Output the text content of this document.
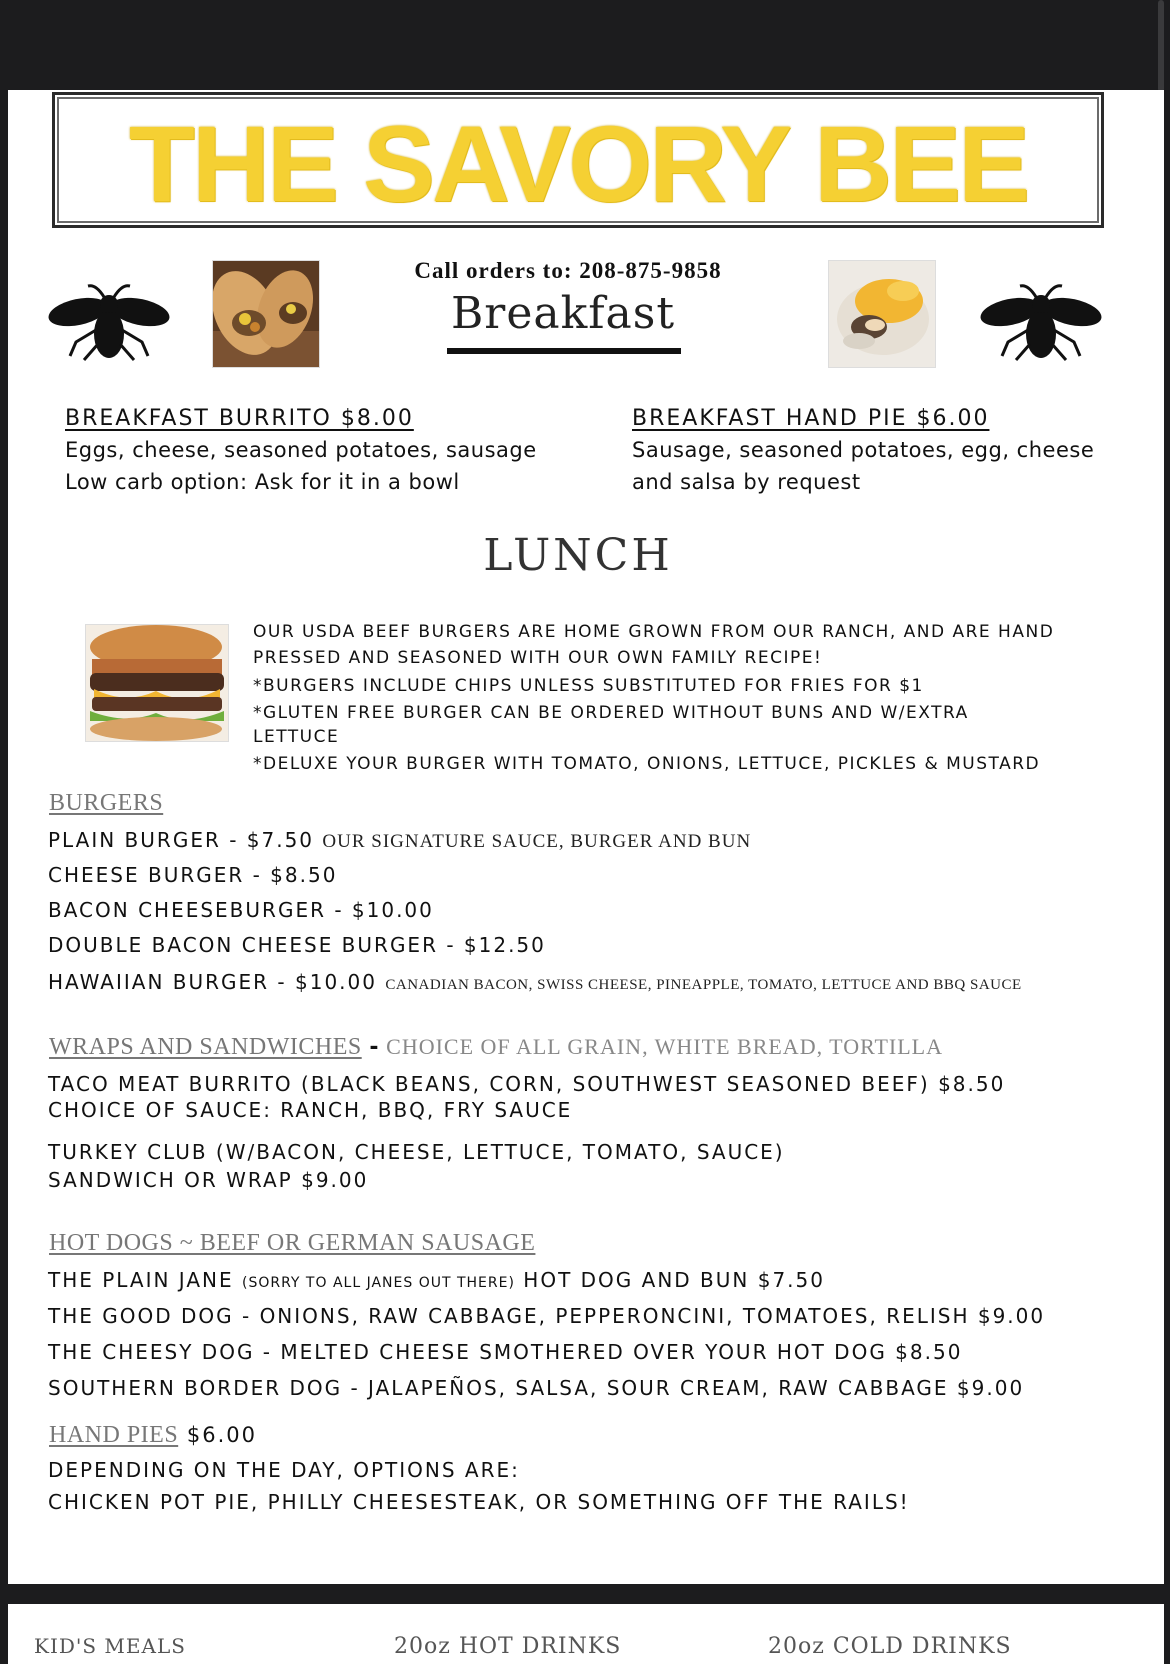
THE SAVORY BEE
Call orders to: 208-875-9858
Breakfast
BREAKFAST BURRITO $8.00
Eggs, cheese, seasoned potatoes, sausage
Low carb option: Ask for it in a bowl
BREAKFAST HAND PIE $6.00
Sausage, seasoned potatoes, egg, cheese
and salsa by request
LUNCH
OUR USDA BEEF BURGERS ARE HOME GROWN FROM OUR RANCH, AND ARE HAND
PRESSED AND SEASONED WITH OUR OWN FAMILY RECIPE!
*BURGERS INCLUDE CHIPS UNLESS SUBSTITUTED FOR FRIES FOR $1
*GLUTEN FREE BURGER CAN BE ORDERED WITHOUT BUNS AND W/EXTRA
LETTUCE
*DELUXE YOUR BURGER WITH TOMATO, ONIONS, LETTUCE, PICKLES & MUSTARD
BURGERS
PLAIN BURGER - $7.50 OUR SIGNATURE SAUCE, BURGER AND BUN
CHEESE BURGER - $8.50
BACON CHEESEBURGER - $10.00
DOUBLE BACON CHEESE BURGER - $12.50
HAWAIIAN BURGER - $10.00 CANADIAN BACON, SWISS CHEESE, PINEAPPLE, TOMATO, LETTUCE AND BBQ SAUCE
WRAPS AND SANDWICHES - CHOICE OF ALL GRAIN, WHITE BREAD, TORTILLA
TACO MEAT BURRITO (BLACK BEANS, CORN, SOUTHWEST SEASONED BEEF) $8.50
CHOICE OF SAUCE: RANCH, BBQ, FRY SAUCE
TURKEY CLUB (W/BACON, CHEESE, LETTUCE, TOMATO, SAUCE)
SANDWICH OR WRAP $9.00
HOT DOGS ~ BEEF OR GERMAN SAUSAGE
THE PLAIN JANE (SORRY TO ALL JANES OUT THERE) HOT DOG AND BUN $7.50
THE GOOD DOG - ONIONS, RAW CABBAGE, PEPPERONCINI, TOMATOES, RELISH $9.00
THE CHEESY DOG - MELTED CHEESE SMOTHERED OVER YOUR HOT DOG $8.50
SOUTHERN BORDER DOG - JALAPEÑOS, SALSA, SOUR CREAM, RAW CABBAGE $9.00
HAND PIES $6.00
DEPENDING ON THE DAY, OPTIONS ARE:
CHICKEN POT PIE, PHILLY CHEESESTEAK, OR SOMETHING OFF THE RAILS!
KID'S MEALS	20oz HOT DRINKS	20oz COLD DRINKS
